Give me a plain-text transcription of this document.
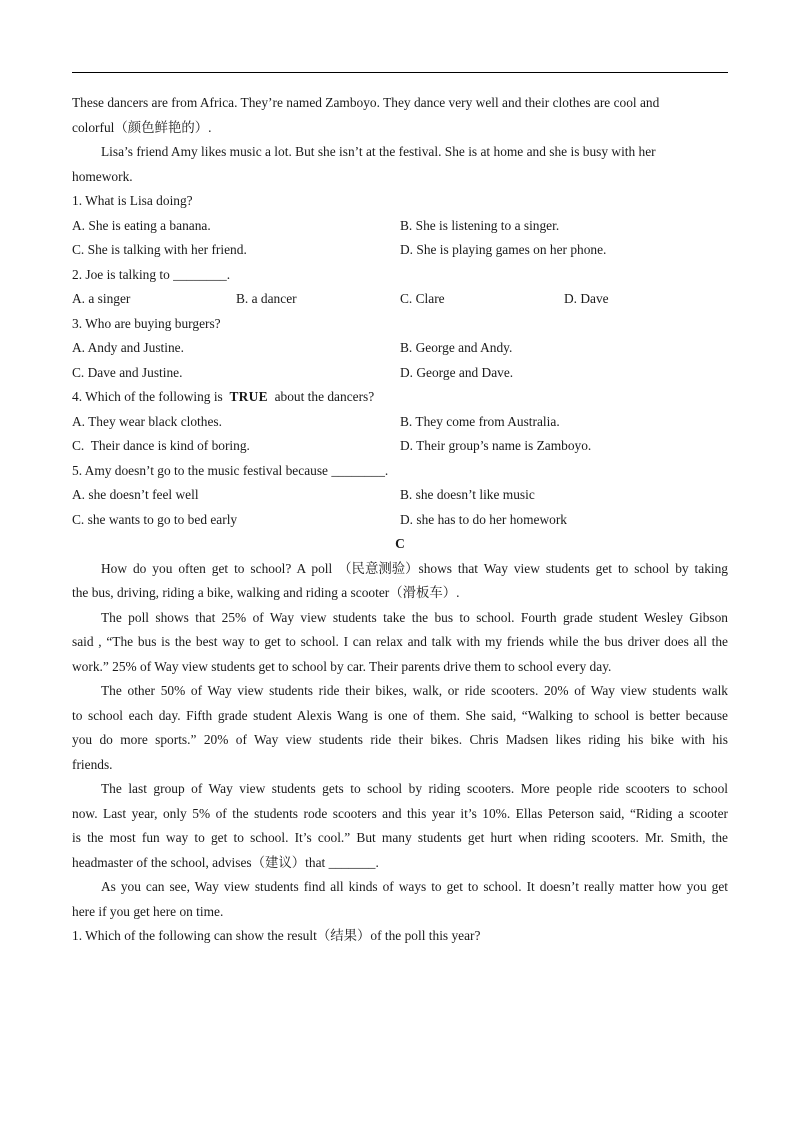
These dancers are from Africa. They’re named Zamboyo. They dance very well and their clothes are cool and
colorful（颜色鲜艳的）.
Lisa’s friend Amy likes music a lot. But she isn’t at the festival. She is at home and she is busy with her
homework.
1. What is Lisa doing?
A. She is eating a banana.	B. She is listening to a singer.
C. She is talking with her friend.	D. She is playing games on her phone.
2. Joe is talking to ________.
A. a singer	B. a dancer	C. Clare	D. Dave
3. Who are buying burgers?
A. Andy and Justine.	B. George and Andy.
C. Dave and Justine.	D. George and Dave.
4. Which of the following is TRUE about the dancers?
A. They wear black clothes.	B. They come from Australia.
C.  Their dance is kind of boring.	D. Their group’s name is Zamboyo.
5. Amy doesn’t go to the music festival because ________.
A. she doesn’t feel well	B. she doesn’t like music
C. she wants to go to bed early	D. she has to do her homework
C
How do you often get to school? A poll （民意测验）shows that Way view students get to school by taking
the bus, driving, riding a bike, walking and riding a scooter（滑板车）.
The poll shows that 25% of Way view students take the bus to school. Fourth grade student Wesley Gibson
said , “The bus is the best way to get to school. I can relax and talk with my friends while the bus driver does all the
work.” 25% of Way view students get to school by car. Their parents drive them to school every day.
The other 50% of Way view students ride their bikes, walk, or ride scooters. 20% of Way view students walk
to school each day. Fifth grade student Alexis Wang is one of them. She said, “Walking to school is better because
you do more sports.” 20% of Way view students ride their bikes. Chris Madsen likes riding his bike with his
friends.
The last group of Way view students gets to school by riding scooters. More people ride scooters to school
now. Last year, only 5% of the students rode scooters and this year it’s 10%. Ellas Peterson said, “Riding a scooter
is the most fun way to get to school. It’s cool.” But many students get hurt when riding scooters. Mr. Smith, the
headmaster of the school, advises（建议）that _______.
As you can see, Way view students find all kinds of ways to get to school. It doesn’t really matter how you get
here if you get here on time.
1. Which of the following can show the result（结果）of the poll this year?
